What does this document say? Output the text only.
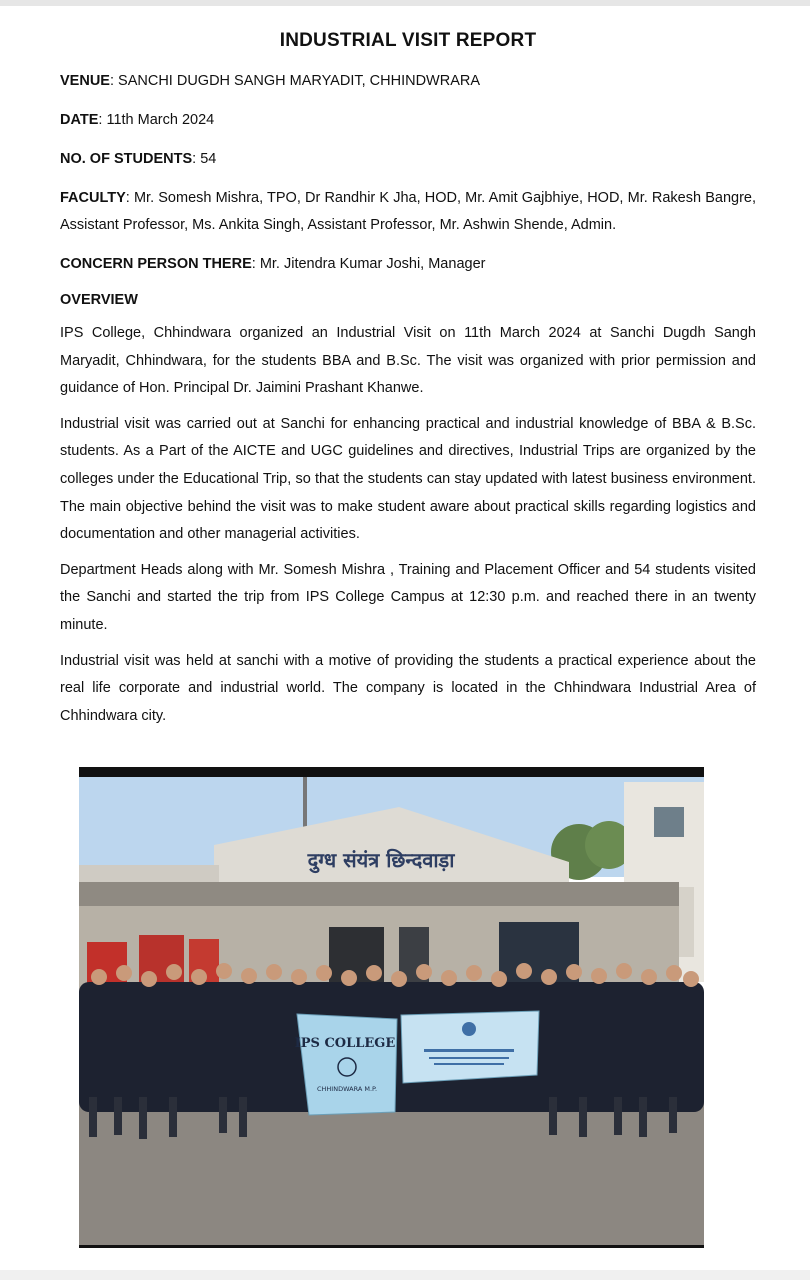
INDUSTRIAL VISIT REPORT
VENUE: SANCHI DUGDH SANGH MARYADIT, CHHINDWRARA
DATE: 11th March 2024
NO. OF STUDENTS: 54
FACULTY: Mr. Somesh Mishra, TPO, Dr Randhir K Jha, HOD, Mr. Amit Gajbhiye, HOD, Mr. Rakesh Bangre, Assistant Professor, Ms. Ankita Singh, Assistant Professor, Mr. Ashwin Shende, Admin.
CONCERN PERSON THERE: Mr. Jitendra Kumar Joshi, Manager
OVERVIEW

IPS College, Chhindwara organized an Industrial Visit on 11th March 2024 at Sanchi Dugdh Sangh Maryadit, Chhindwara, for the students BBA and B.Sc. The visit was organized with prior permission and guidance of Hon. Principal Dr. Jaimini Prashant Khanwe.

Industrial visit was carried out at Sanchi for enhancing practical and industrial knowledge of BBA & B.Sc. students. As a Part of the AICTE and UGC guidelines and directives, Industrial Trips are organized by the colleges under the Educational Trip, so that the students can stay updated with latest business environment. The main objective behind the visit was to make student aware about practical skills regarding logistics and documentation and other managerial activities.

Department Heads along with Mr. Somesh Mishra , Training and Placement Officer and 54 students visited the Sanchi and started the trip from IPS College Campus at 12:30 p.m. and reached there in an twenty minute.

Industrial visit was held at sanchi with a motive of providing the students a practical experience about the real life corporate and industrial world. The company is located in the Chhindwara Industrial Area of Chhindwara city.

दुग्ध संयंत्र छिन्दवाड़ा
IPS COLLEGE
CHHINDWARA M.P.
